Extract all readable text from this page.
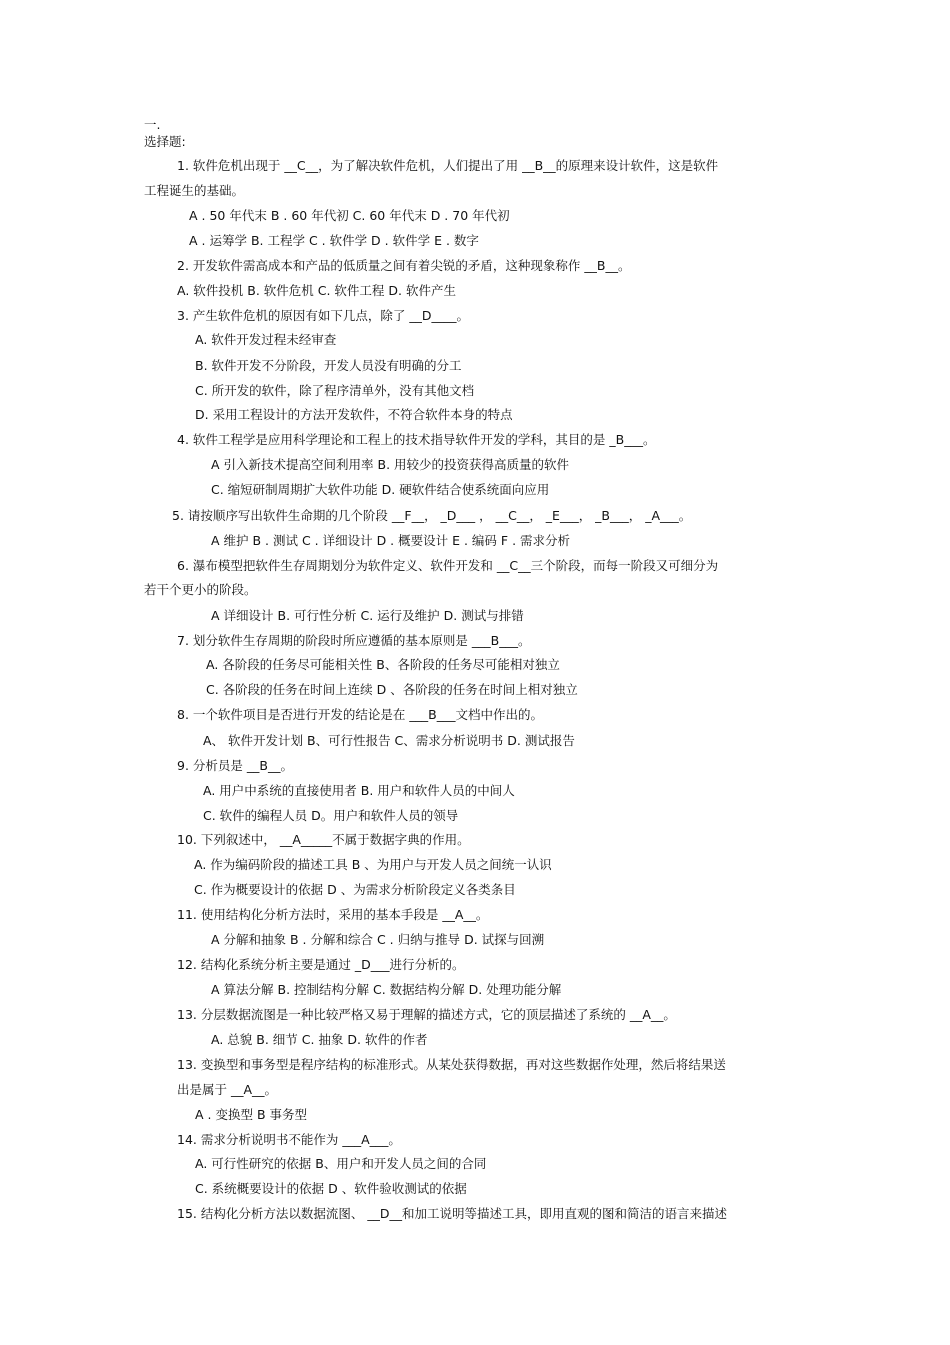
一.
选择题:
1. 软件危机出现于 __C__，为了解决软件危机，人们提出了用 __B__的原理来设计软件，这是软件
工程诞生的基础。
A . 50 年代末 B . 60 年代初 C. 60 年代末 D . 70 年代初
A . 运筹学 B. 工程学 C . 软件学 D . 软件学 E . 数字
2. 开发软件需高成本和产品的低质量之间有着尖锐的矛盾，这种现象称作 __B__。
A. 软件投机 B. 软件危机 C. 软件工程 D. 软件产生
3. 产生软件危机的原因有如下几点，除了 __D____。
A. 软件开发过程未经审查
B. 软件开发不分阶段，开发人员没有明确的分工
C. 所开发的软件，除了程序清单外，没有其他文档
D. 采用工程设计的方法开发软件，不符合软件本身的特点
4. 软件工程学是应用科学理论和工程上的技术指导软件开发的学科，其目的是 _B___。
A 引入新技术提高空间利用率 B. 用较少的投资获得高质量的软件
C. 缩短研制周期扩大软件功能 D. 硬软件结合使系统面向应用
5. 请按顺序写出软件生命期的几个阶段 __F__， _D___ ， __C__， _E___， _B___， _A___。
A 维护 B . 测试 C . 详细设计 D . 概要设计 E . 编码 F . 需求分析
6. 瀑布模型把软件生存周期划分为软件定义、软件开发和 __C__三个阶段，而每一阶段又可细分为
若干个更小的阶段。
A 详细设计 B. 可行性分析 C. 运行及维护 D. 测试与排错
7. 划分软件生存周期的阶段时所应遵循的基本原则是 ___B___。
A. 各阶段的任务尽可能相关性 B、各阶段的任务尽可能相对独立
C. 各阶段的任务在时间上连续 D 、各阶段的任务在时间上相对独立
8. 一个软件项目是否进行开发的结论是在 ___B___文档中作出的。
A、 软件开发计划 B、可行性报告 C、需求分析说明书 D. 测试报告
9. 分析员是 __B__。
A. 用户中系统的直接使用者 B. 用户和软件人员的中间人
C. 软件的编程人员 D。用户和软件人员的领导
10. 下列叙述中， __A_____不属于数据字典的作用。
A. 作为编码阶段的描述工具 B 、为用户与开发人员之间统一认识
C. 作为概要设计的依据 D 、为需求分析阶段定义各类条目
11. 使用结构化分析方法时，采用的基本手段是 __A__。
A 分解和抽象 B . 分解和综合 C . 归纳与推导 D. 试探与回溯
12. 结构化系统分析主要是通过 _D___进行分析的。
A 算法分解 B. 控制结构分解 C. 数据结构分解 D. 处理功能分解
13. 分层数据流图是一种比较严格又易于理解的描述方式，它的顶层描述了系统的 __A__。
A. 总貌 B. 细节 C. 抽象 D. 软件的作者
13. 变换型和事务型是程序结构的标准形式。从某处获得数据，再对这些数据作处理，然后将结果送
出是属于 __A__。
A . 变换型 B 事务型
14. 需求分析说明书不能作为 ___A___。
A. 可行性研究的依据 B、用户和开发人员之间的合同
C. 系统概要设计的依据 D 、软件验收测试的依据
15. 结构化分析方法以数据流图、 __D__和加工说明等描述工具，即用直观的图和简洁的语言来描述
